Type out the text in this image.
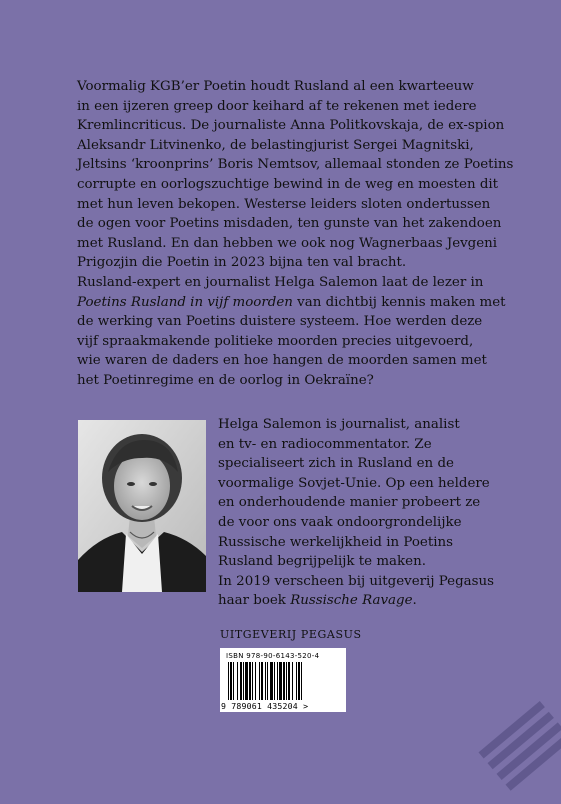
Voormalig KGB’er Poetin houdt Rusland al een kwarteeuw
in een ijzeren greep door keihard af te rekenen met iedere
Kremlincriticus. De journaliste Anna Politkovskaja, de ex-spion
Aleksandr Litvinenko, de belastingjurist Sergei Magnitski,
Jeltsins ‘kroonprins’ Boris Nemtsov, allemaal stonden ze Poetins
corrupte en oorlogszuchtige bewind in de weg en moesten dit
met hun leven bekopen. Westerse leiders sloten ondertussen
de ogen voor Poetins misdaden, ten gunste van het zakendoen
met Rusland. En dan hebben we ook nog Wagnerbaas Jevgeni
Prigozjin die Poetin in 2023 bijna ten val bracht.
Rusland-expert en journalist Helga Salemon laat de lezer in
Poetins Rusland in vijf moorden van dichtbij kennis maken met
de werking van Poetins duistere systeem. Hoe werden deze
vijf spraakmakende politieke moorden precies uitgevoerd,
wie waren de daders en hoe hangen de moorden samen met
het Poetinregime en de oorlog in Oekraïne?
Helga Salemon is journalist, analist
en tv- en radiocommentator. Ze
specialiseert zich in Rusland en de
voormalige Sovjet-Unie. Op een heldere
en onderhoudende manier probeert ze
de voor ons vaak ondoorgrondelijke
Russische werkelijkheid in Poetins
Rusland begrijpelijk te maken.
In 2019 verscheen bij uitgeverij Pegasus
haar boek Russische Ravage.
UITGEVERIJ PEGASUS
ISBN 978-90-6143-520-4
9 789061 435204 >
